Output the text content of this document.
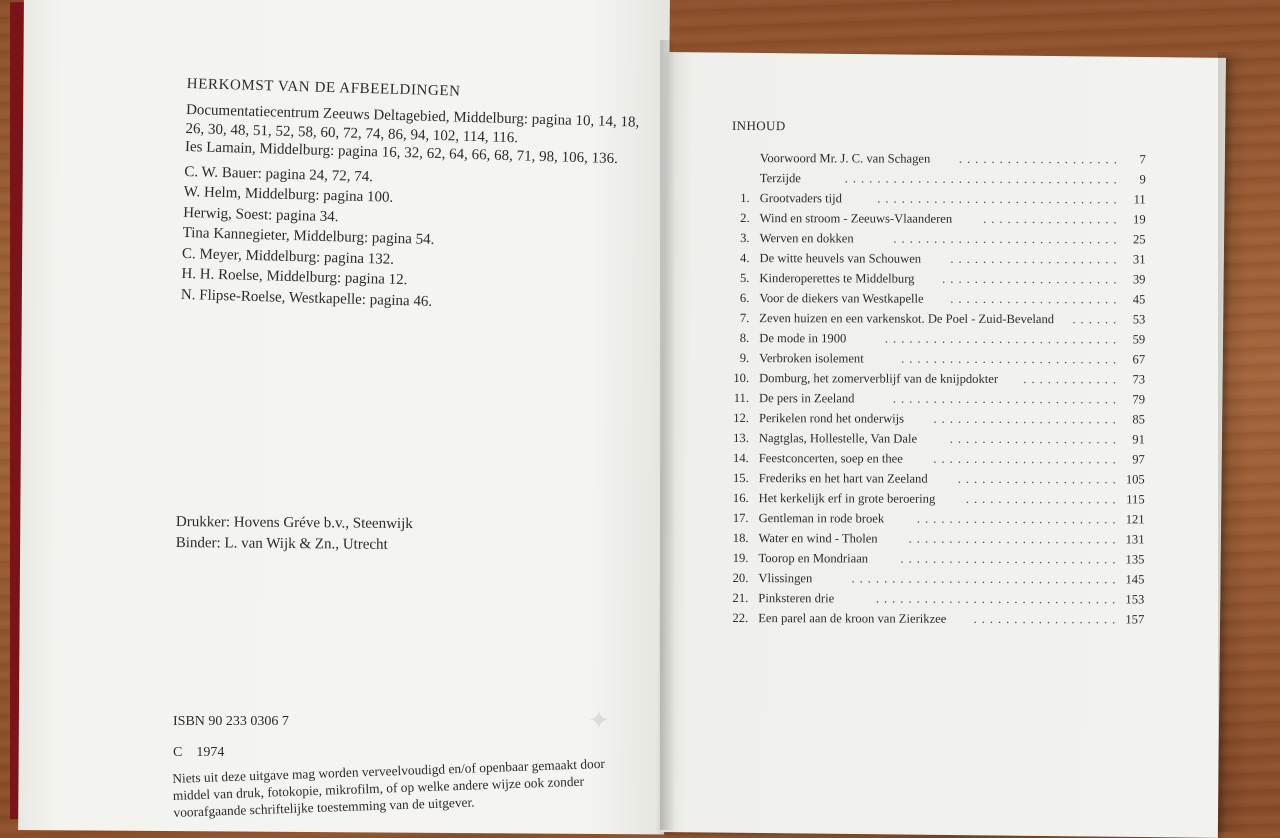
✦
HERKOMST VAN DE AFBEELDINGEN
Documentatiecentrum Zeeuws Deltagebied, Middelburg: pagina 10, 14, 18, 26, 30, 48, 51, 52, 58, 60, 72, 74, 86, 94, 102, 114, 116.
Ies Lamain, Middelburg: pagina 16, 32, 62, 64, 66, 68, 71, 98, 106, 136.
C. W. Bauer: pagina 24, 72, 74.
W. Helm, Middelburg: pagina 100.
Herwig, Soest: pagina 34.
Tina Kannegieter, Middelburg: pagina 54.
C. Meyer, Middelburg: pagina 132.
H. H. Roelse, Middelburg: pagina 12.
N. Flipse-Roelse, Westkapelle: pagina 46.
Drukker: Hovens Gréve b.v., Steenwijk
Binder: L. van Wijk & Zn., Utrecht
ISBN 90 233 0306 7
C    1974
Niets uit deze uitgave mag worden verveelvoudigd en/of openbaar gemaakt door middel van druk, fotokopie, mikrofilm, of op welke andere wijze ook zonder voorafgaande schriftelijke toestemming van de uitgever.
INHOUD
Voorwoord Mr. J. C. van Schagen .................... 7
Terzijde	.................................. 9
1. Grootvaders tijd	.............................. 11
2. Wind en stroom - Zeeuws-Vlaanderen ................. 19
3. Werven en dokken	............................ 25
4. De witte heuvels van Schouwen ..................... 31
5. Kinderoperettes te Middelburg ...................... 39
6. Voor de diekers van Westkapelle ..................... 45
7. Zeven huizen en een varkenskot. De Poel - Zuid-Beveland ...... 53
8. De mode in 1900	............................. 59
9. Verbroken isolement	........................... 67
10. Domburg, het zomerverblijf van de knijpdokter ............ 73
11. De pers in Zeeland	............................ 79
12. Perikelen rond het onderwijs ....................... 85
13. Nagtglas, Hollestelle, Van Dale	..................... 91
14. Feestconcerten, soep en thee ....................... 97
15. Frederiks en het hart van Zeeland .................... 105
16. Het kerkelijk erf in grote beroering ................... 115
17. Gentleman in rode broek	......................... 121
18. Water en wind - Tholen .......................... 131
19. Toorop en Mondriaan	........................... 135
20. Vlissingen	................................. 145
21. Pinksteren drie	.............................. 153
22. Een parel aan de kroon van Zierikzee .................. 157
